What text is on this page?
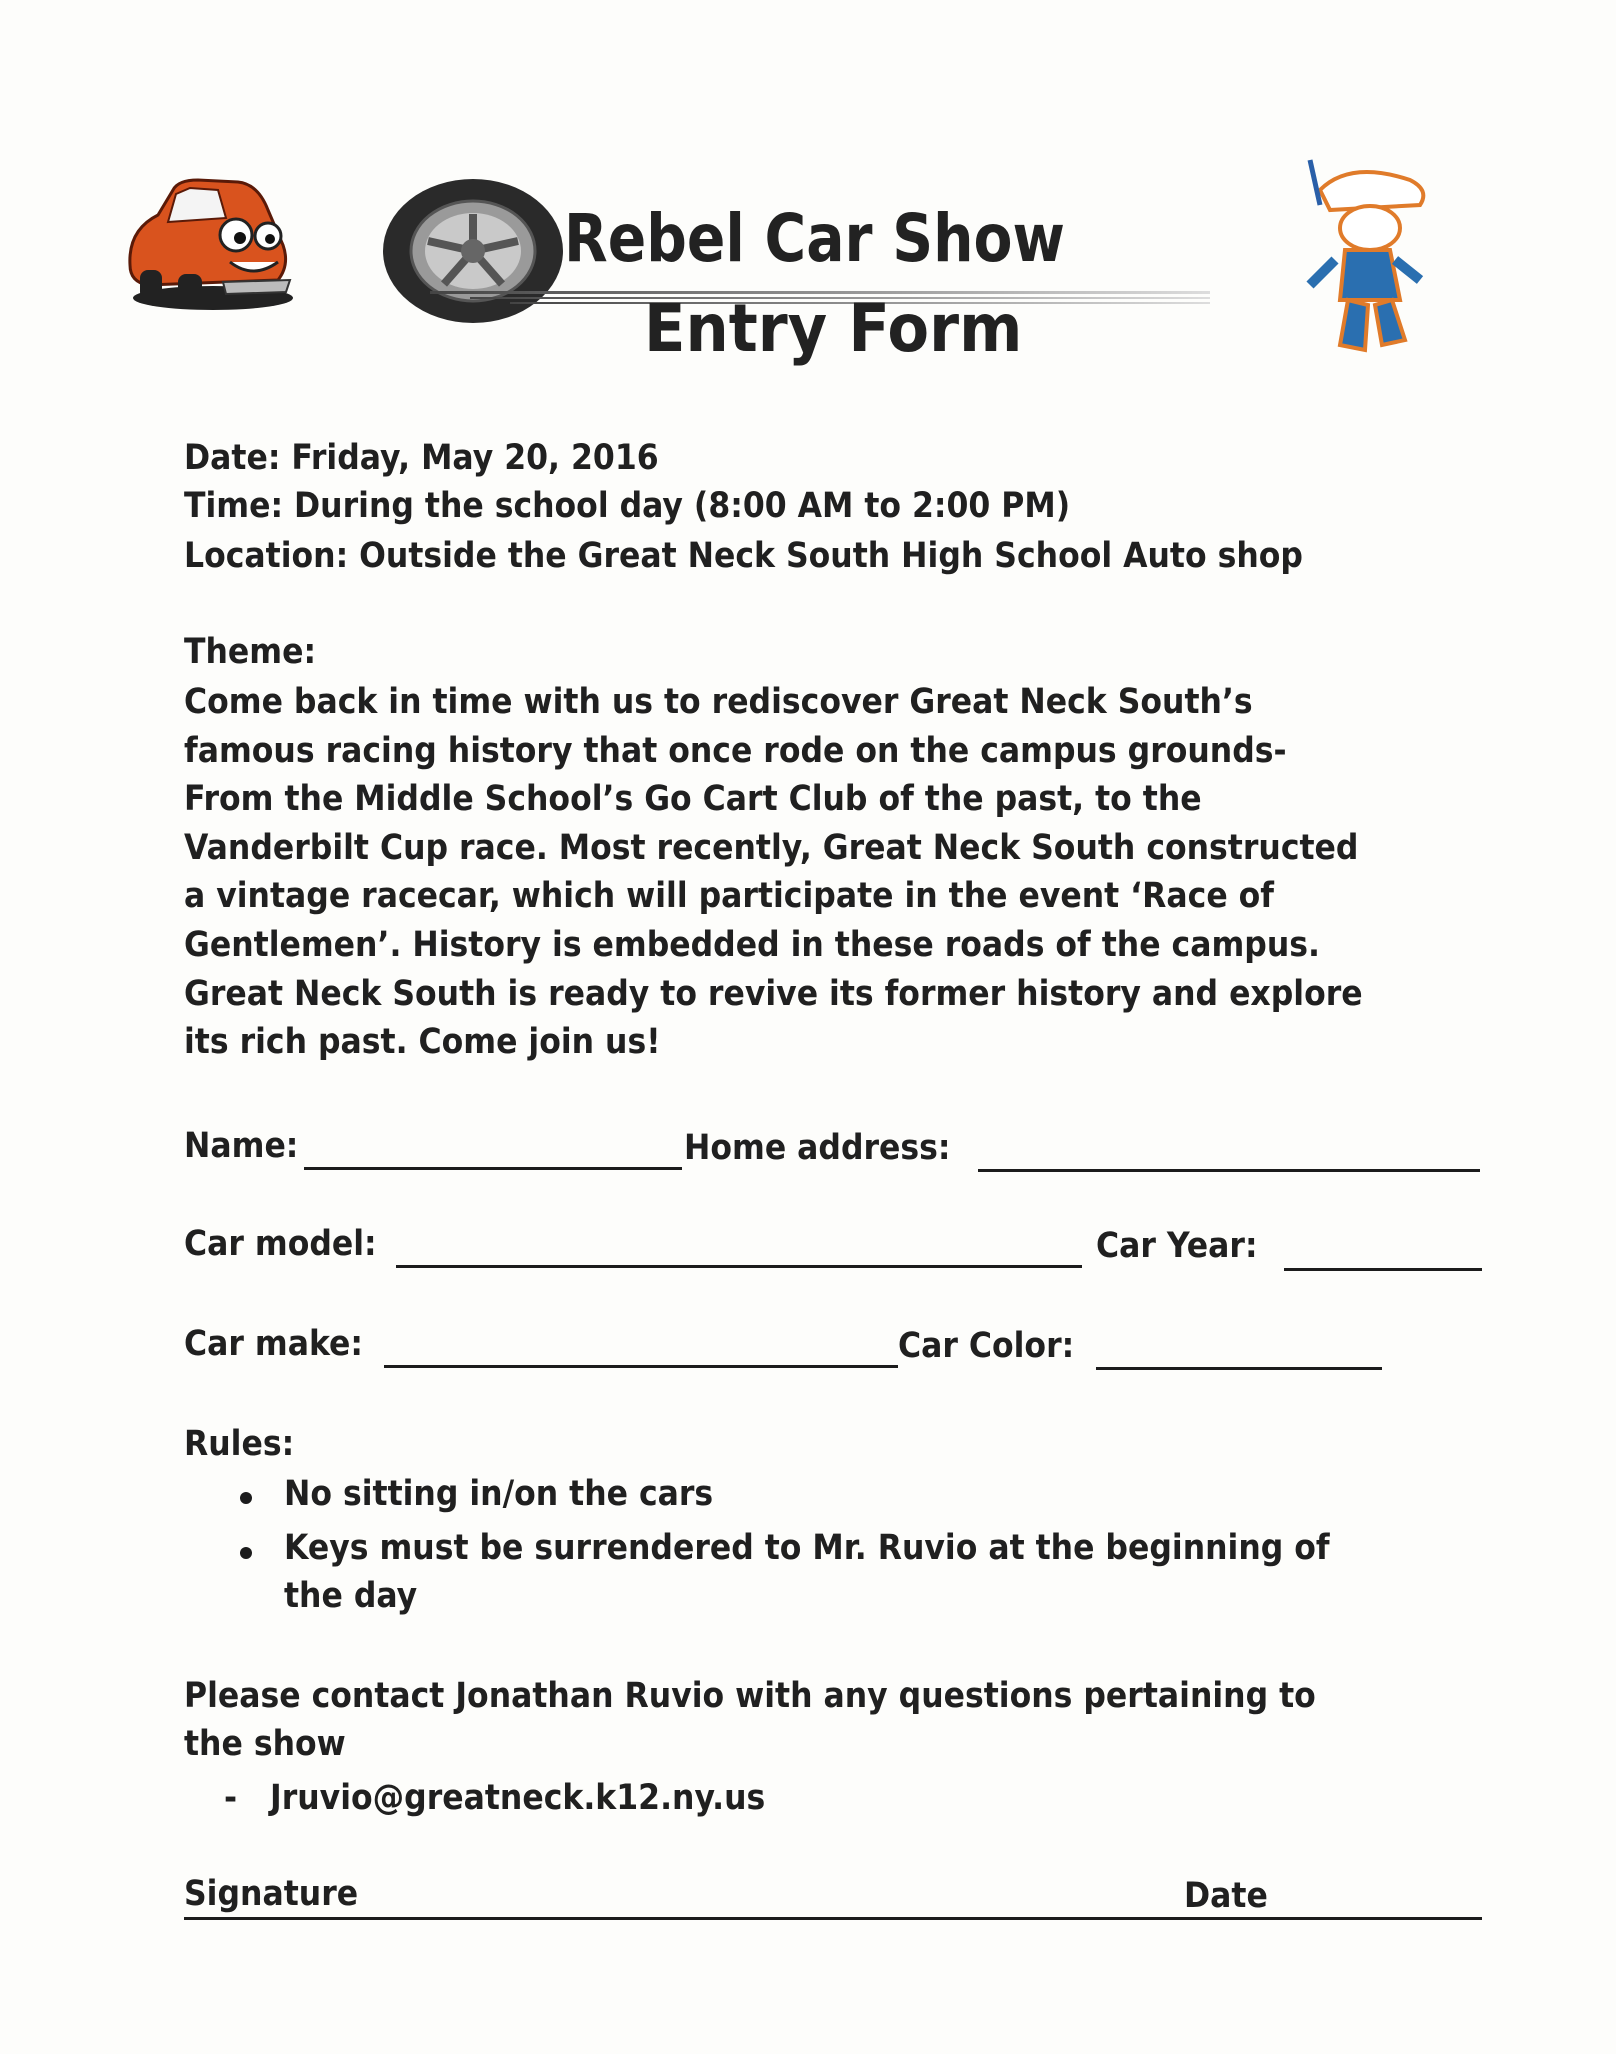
Rebel Car Show
Entry Form
Date: Friday, May 20, 2016
Time: During the school day (8:00 AM to 2:00 PM)
Location: Outside the Great Neck South High School Auto shop
Theme:
Come back in time with us to rediscover Great Neck South’s
famous racing history that once rode on the campus grounds-
From the Middle School’s Go Cart Club of the past, to the
Vanderbilt Cup race. Most recently, Great Neck South constructed
a vintage racecar, which will participate in the event ‘Race of
Gentlemen’. History is embedded in these roads of the campus.
Great Neck South is ready to revive its former history and explore
its rich past. Come join us!
Name:	Home address:
Car model:	Car Year:
Car make:	Car Color:
Rules:
No sitting in/on the cars
Keys must be surrendered to Mr. Ruvio at the beginning of
the day
Please contact Jonathan Ruvio with any questions pertaining to
the show
- Jruvio@greatneck.k12.ny.us
Signature	Date
